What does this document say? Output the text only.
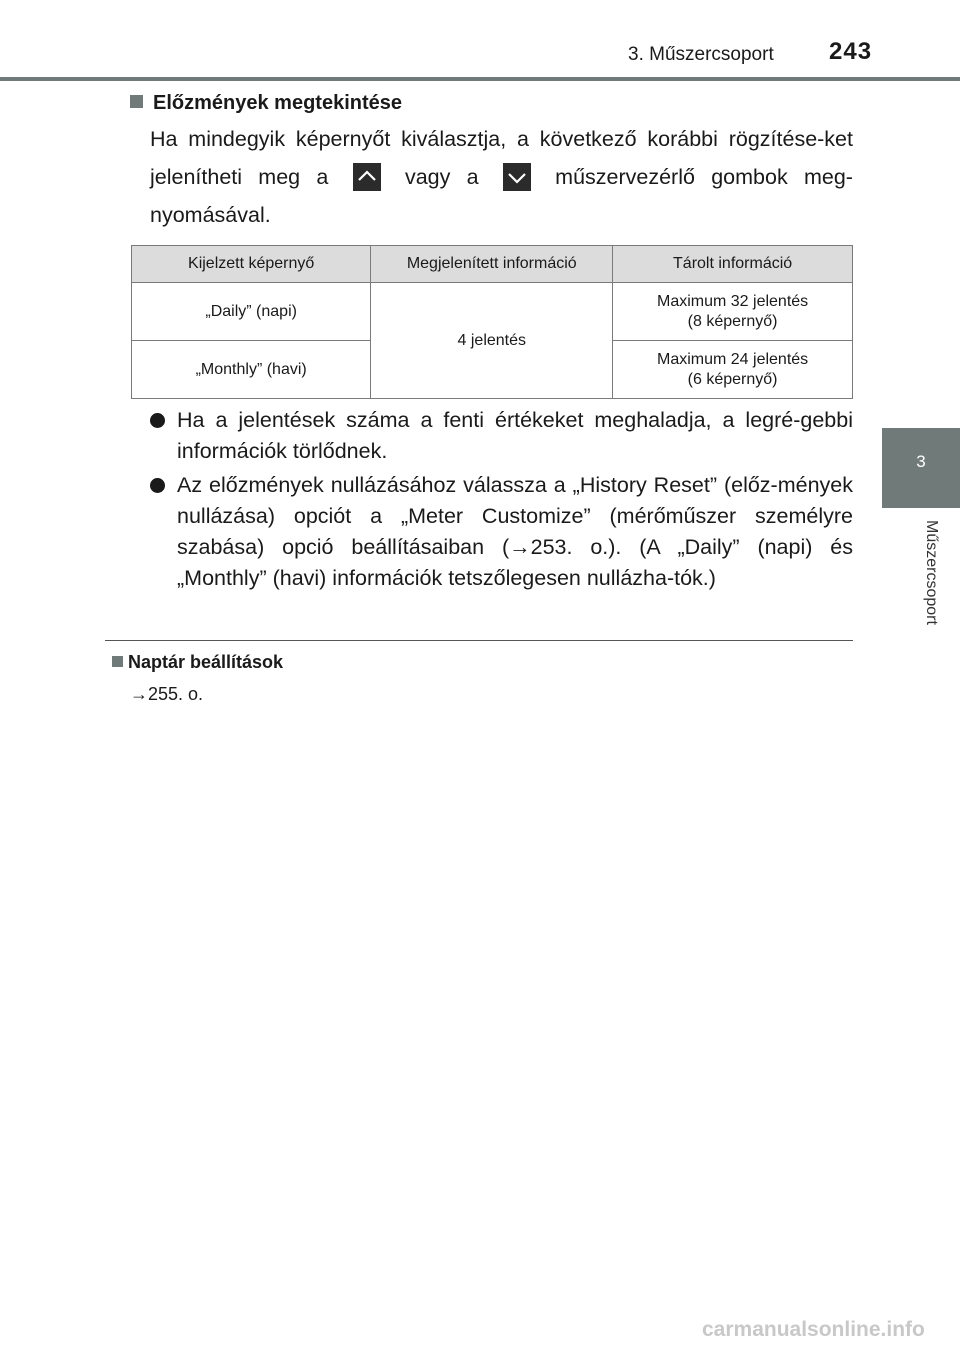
3. Műszercsoport 243
3
Műszercsoport
Előzmények megtekintése

Ha mindegyik képernyőt kiválasztja, a következő korábbi rögzítése-ket jelenítheti meg a	vagy a	műszervezérlő gombok meg-nyomásával.

Kijelzett képernyő	Megjelenített információ	Tárolt információ
„Daily” (napi)	4 jelentés	Maximum 32 jelentés
(8 képernyő)
„Monthly” (havi)		Maximum 24 jelentés
(6 képernyő)
Ha a jelentések száma a fenti értékeket meghaladja, a legré-gebbi információk törlődnek.
Az előzmények nullázásához válassza a „History Reset” (előz-mények nullázása) opciót a „Meter Customize” (mérőműszer személyre szabása) opció beállításaiban (→253. o.). (A „Daily” (napi) és „Monthly” (havi) információk tetszőlegesen nullázha-tók.)
Naptár beállítások
→255. o.
carmanualsonline.info
